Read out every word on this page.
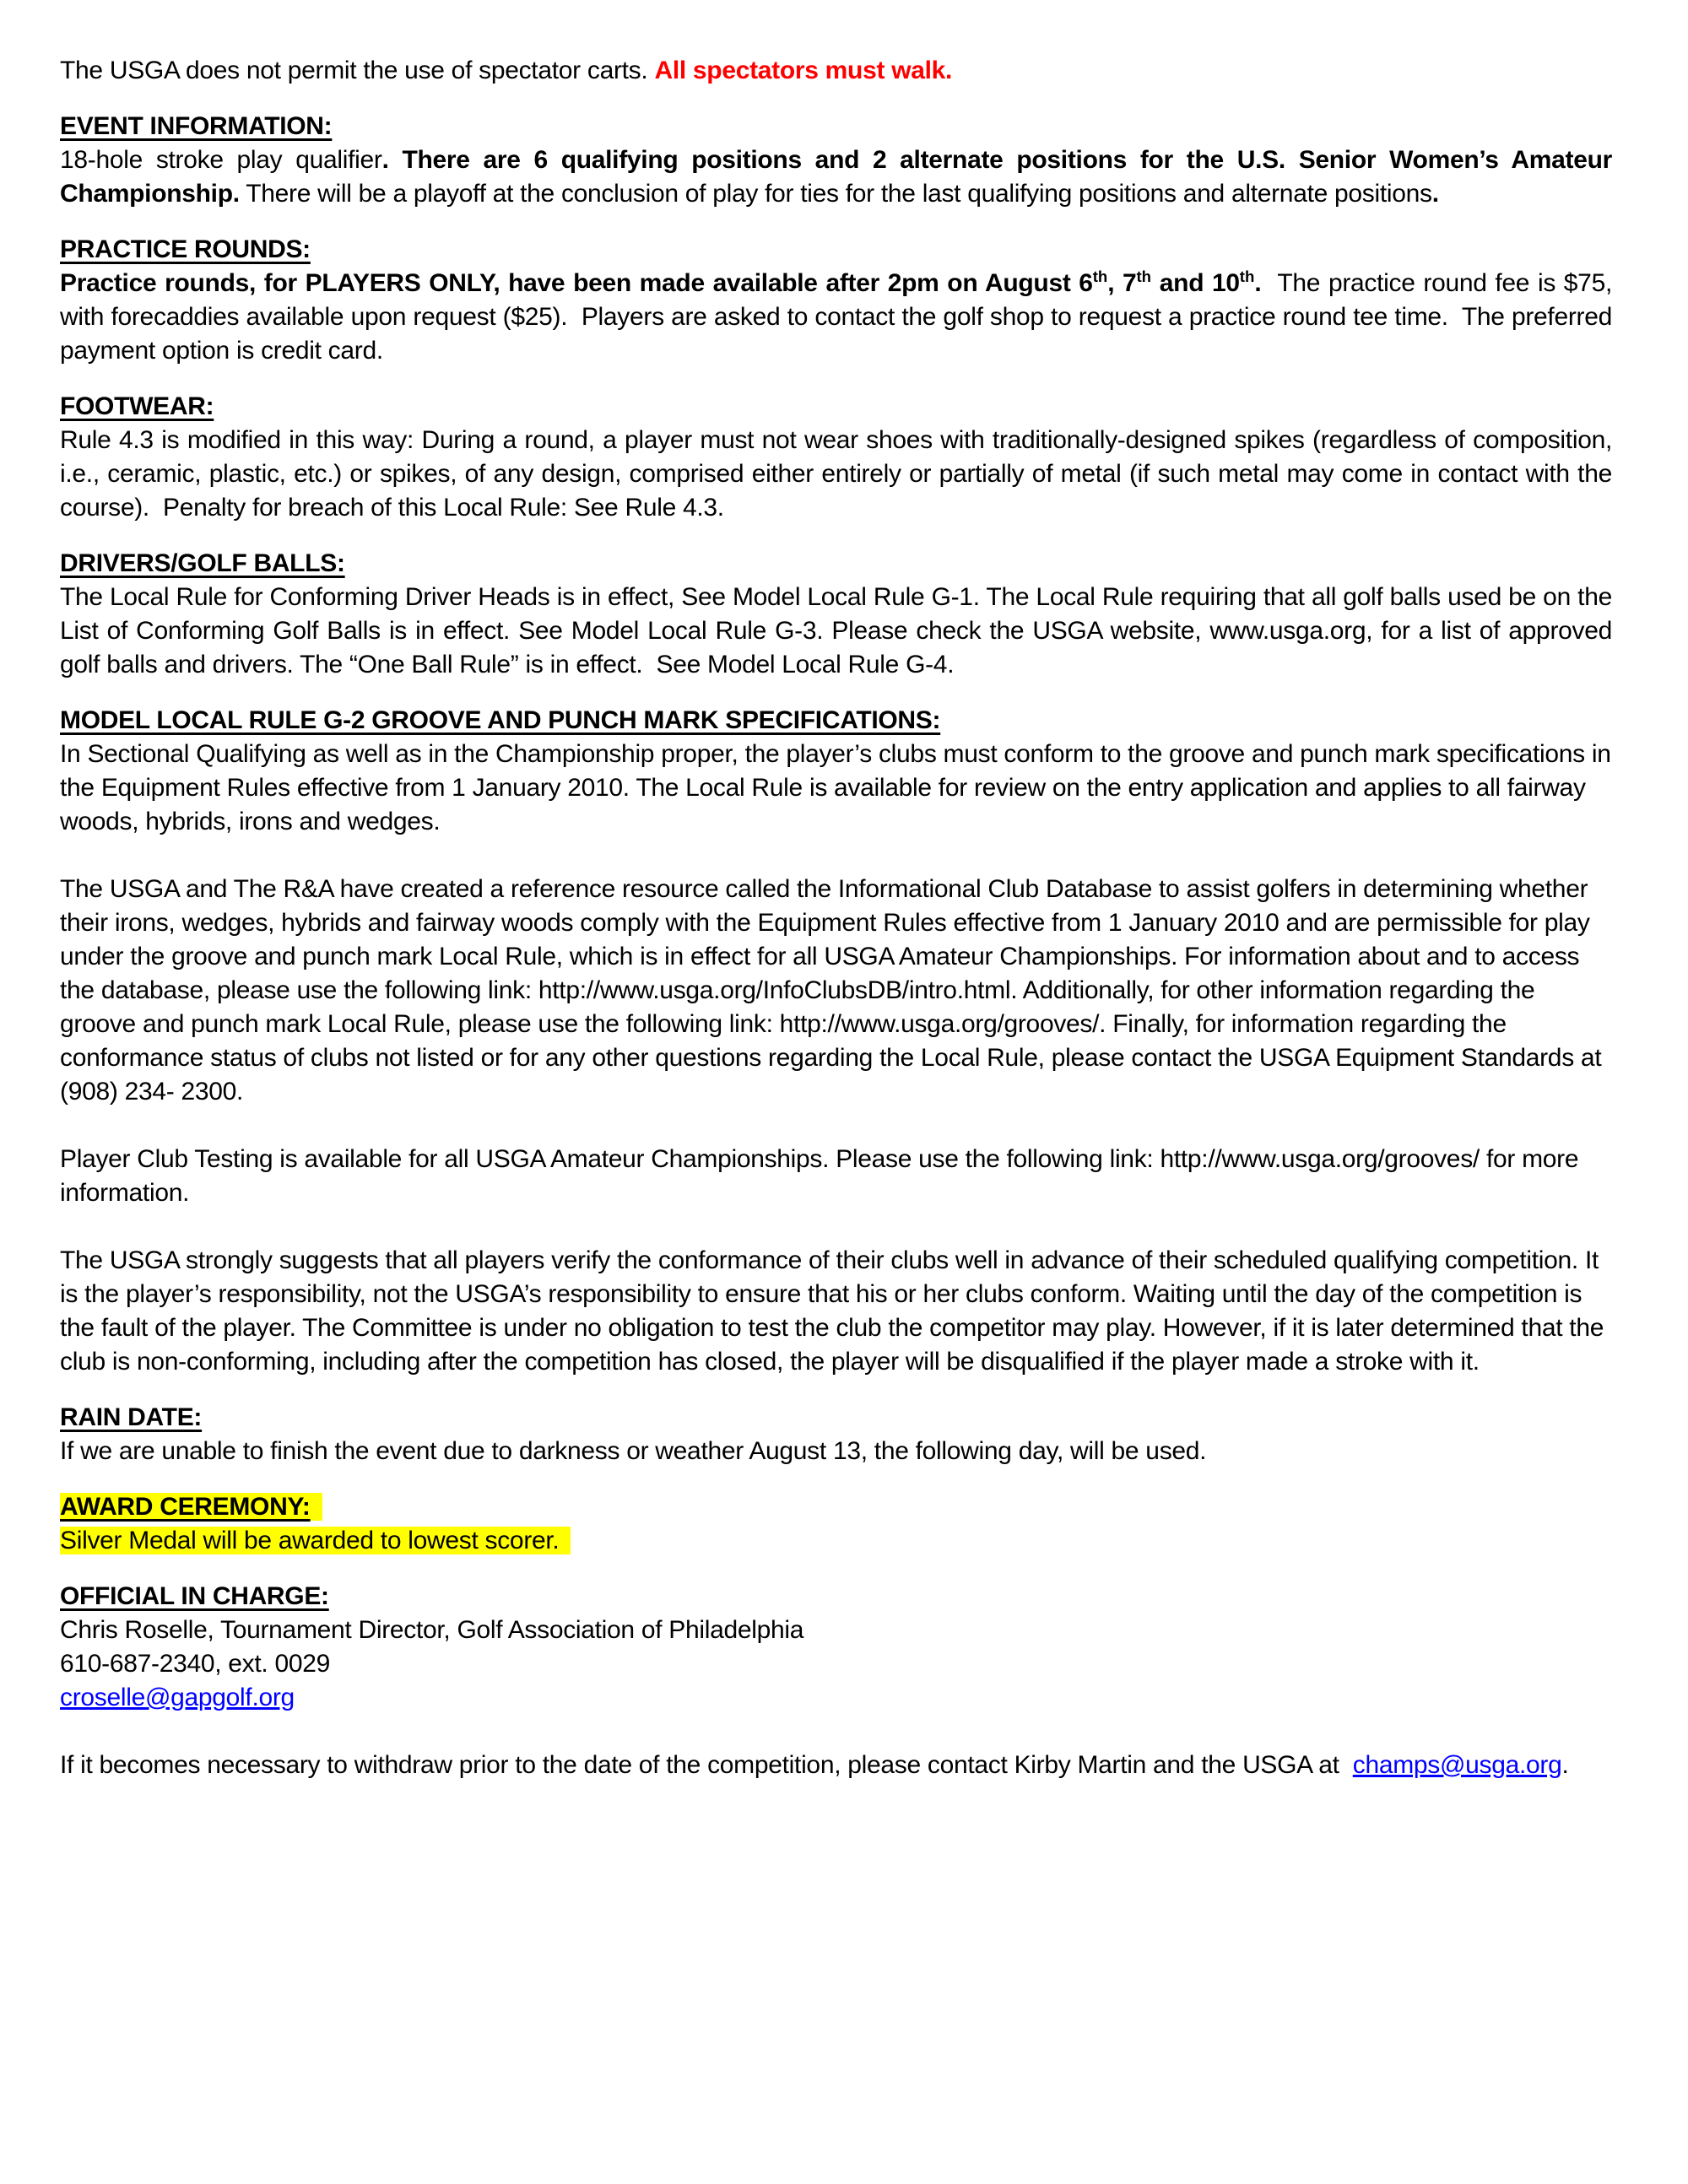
The USGA does not permit the use of spectator carts. All spectators must walk.

EVENT INFORMATION:

18-hole stroke play qualifier. There are 6 qualifying positions and 2 alternate positions for the U.S. Senior Women’s Amateur Championship. There will be a playoff at the conclusion of play for ties for the last qualifying positions and alternate positions.

PRACTICE ROUNDS:

Practice rounds, for PLAYERS ONLY, have been made available after 2pm on August 6th, 7th and 10th.  The practice round fee is $75, with forecaddies available upon request ($25).  Players are asked to contact the golf shop to request a practice round tee time.  The preferred payment option is credit card.

FOOTWEAR:

Rule 4.3 is modified in this way: During a round, a player must not wear shoes with traditionally-designed spikes (regardless of composition, i.e., ceramic, plastic, etc.) or spikes, of any design, comprised either entirely or partially of metal (if such metal may come in contact with the course).  Penalty for breach of this Local Rule: See Rule 4.3.

DRIVERS/GOLF BALLS:

The Local Rule for Conforming Driver Heads is in effect, See Model Local Rule G-1. The Local Rule requiring that all golf balls used be on the List of Conforming Golf Balls is in effect. See Model Local Rule G-3. Please check the USGA website, www.usga.org, for a list of approved golf balls and drivers. The “One Ball Rule” is in effect.  See Model Local Rule G-4.

MODEL LOCAL RULE G-2 GROOVE AND PUNCH MARK SPECIFICATIONS:

In Sectional Qualifying as well as in the Championship proper, the player’s clubs must conform to the groove and punch mark specifications in the Equipment Rules effective from 1 January 2010. The Local Rule is available for review on the entry application and applies to all fairway woods, hybrids, irons and wedges.

The USGA and The R&A have created a reference resource called the Informational Club Database to assist golfers in determining whether their irons, wedges, hybrids and fairway woods comply with the Equipment Rules effective from 1 January 2010 and are permissible for play under the groove and punch mark Local Rule, which is in effect for all USGA Amateur Championships. For information about and to access the database, please use the following link: http://www.usga.org/InfoClubsDB/intro.html. Additionally, for other information regarding the groove and punch mark Local Rule, please use the following link: http://www.usga.org/grooves/. Finally, for information regarding the conformance status of clubs not listed or for any other questions regarding the Local Rule, please contact the USGA Equipment Standards at (908) 234- 2300.

Player Club Testing is available for all USGA Amateur Championships. Please use the following link: http://www.usga.org/grooves/ for more information.

The USGA strongly suggests that all players verify the conformance of their clubs well in advance of their scheduled qualifying competition. It is the player’s responsibility, not the USGA’s responsibility to ensure that his or her clubs conform. Waiting until the day of the competition is the fault of the player. The Committee is under no obligation to test the club the competitor may play. However, if it is later determined that the club is non-conforming, including after the competition has closed, the player will be disqualified if the player made a stroke with it.

RAIN DATE:

If we are unable to finish the event due to darkness or weather August 13, the following day, will be used.

AWARD CEREMONY:

Silver Medal will be awarded to lowest scorer.

OFFICIAL IN CHARGE:

Chris Roselle, Tournament Director, Golf Association of Philadelphia

610-687-2340, ext. 0029

croselle@gapgolf.org

If it becomes necessary to withdraw prior to the date of the competition, please contact Kirby Martin and the USGA at  champs@usga.org.
